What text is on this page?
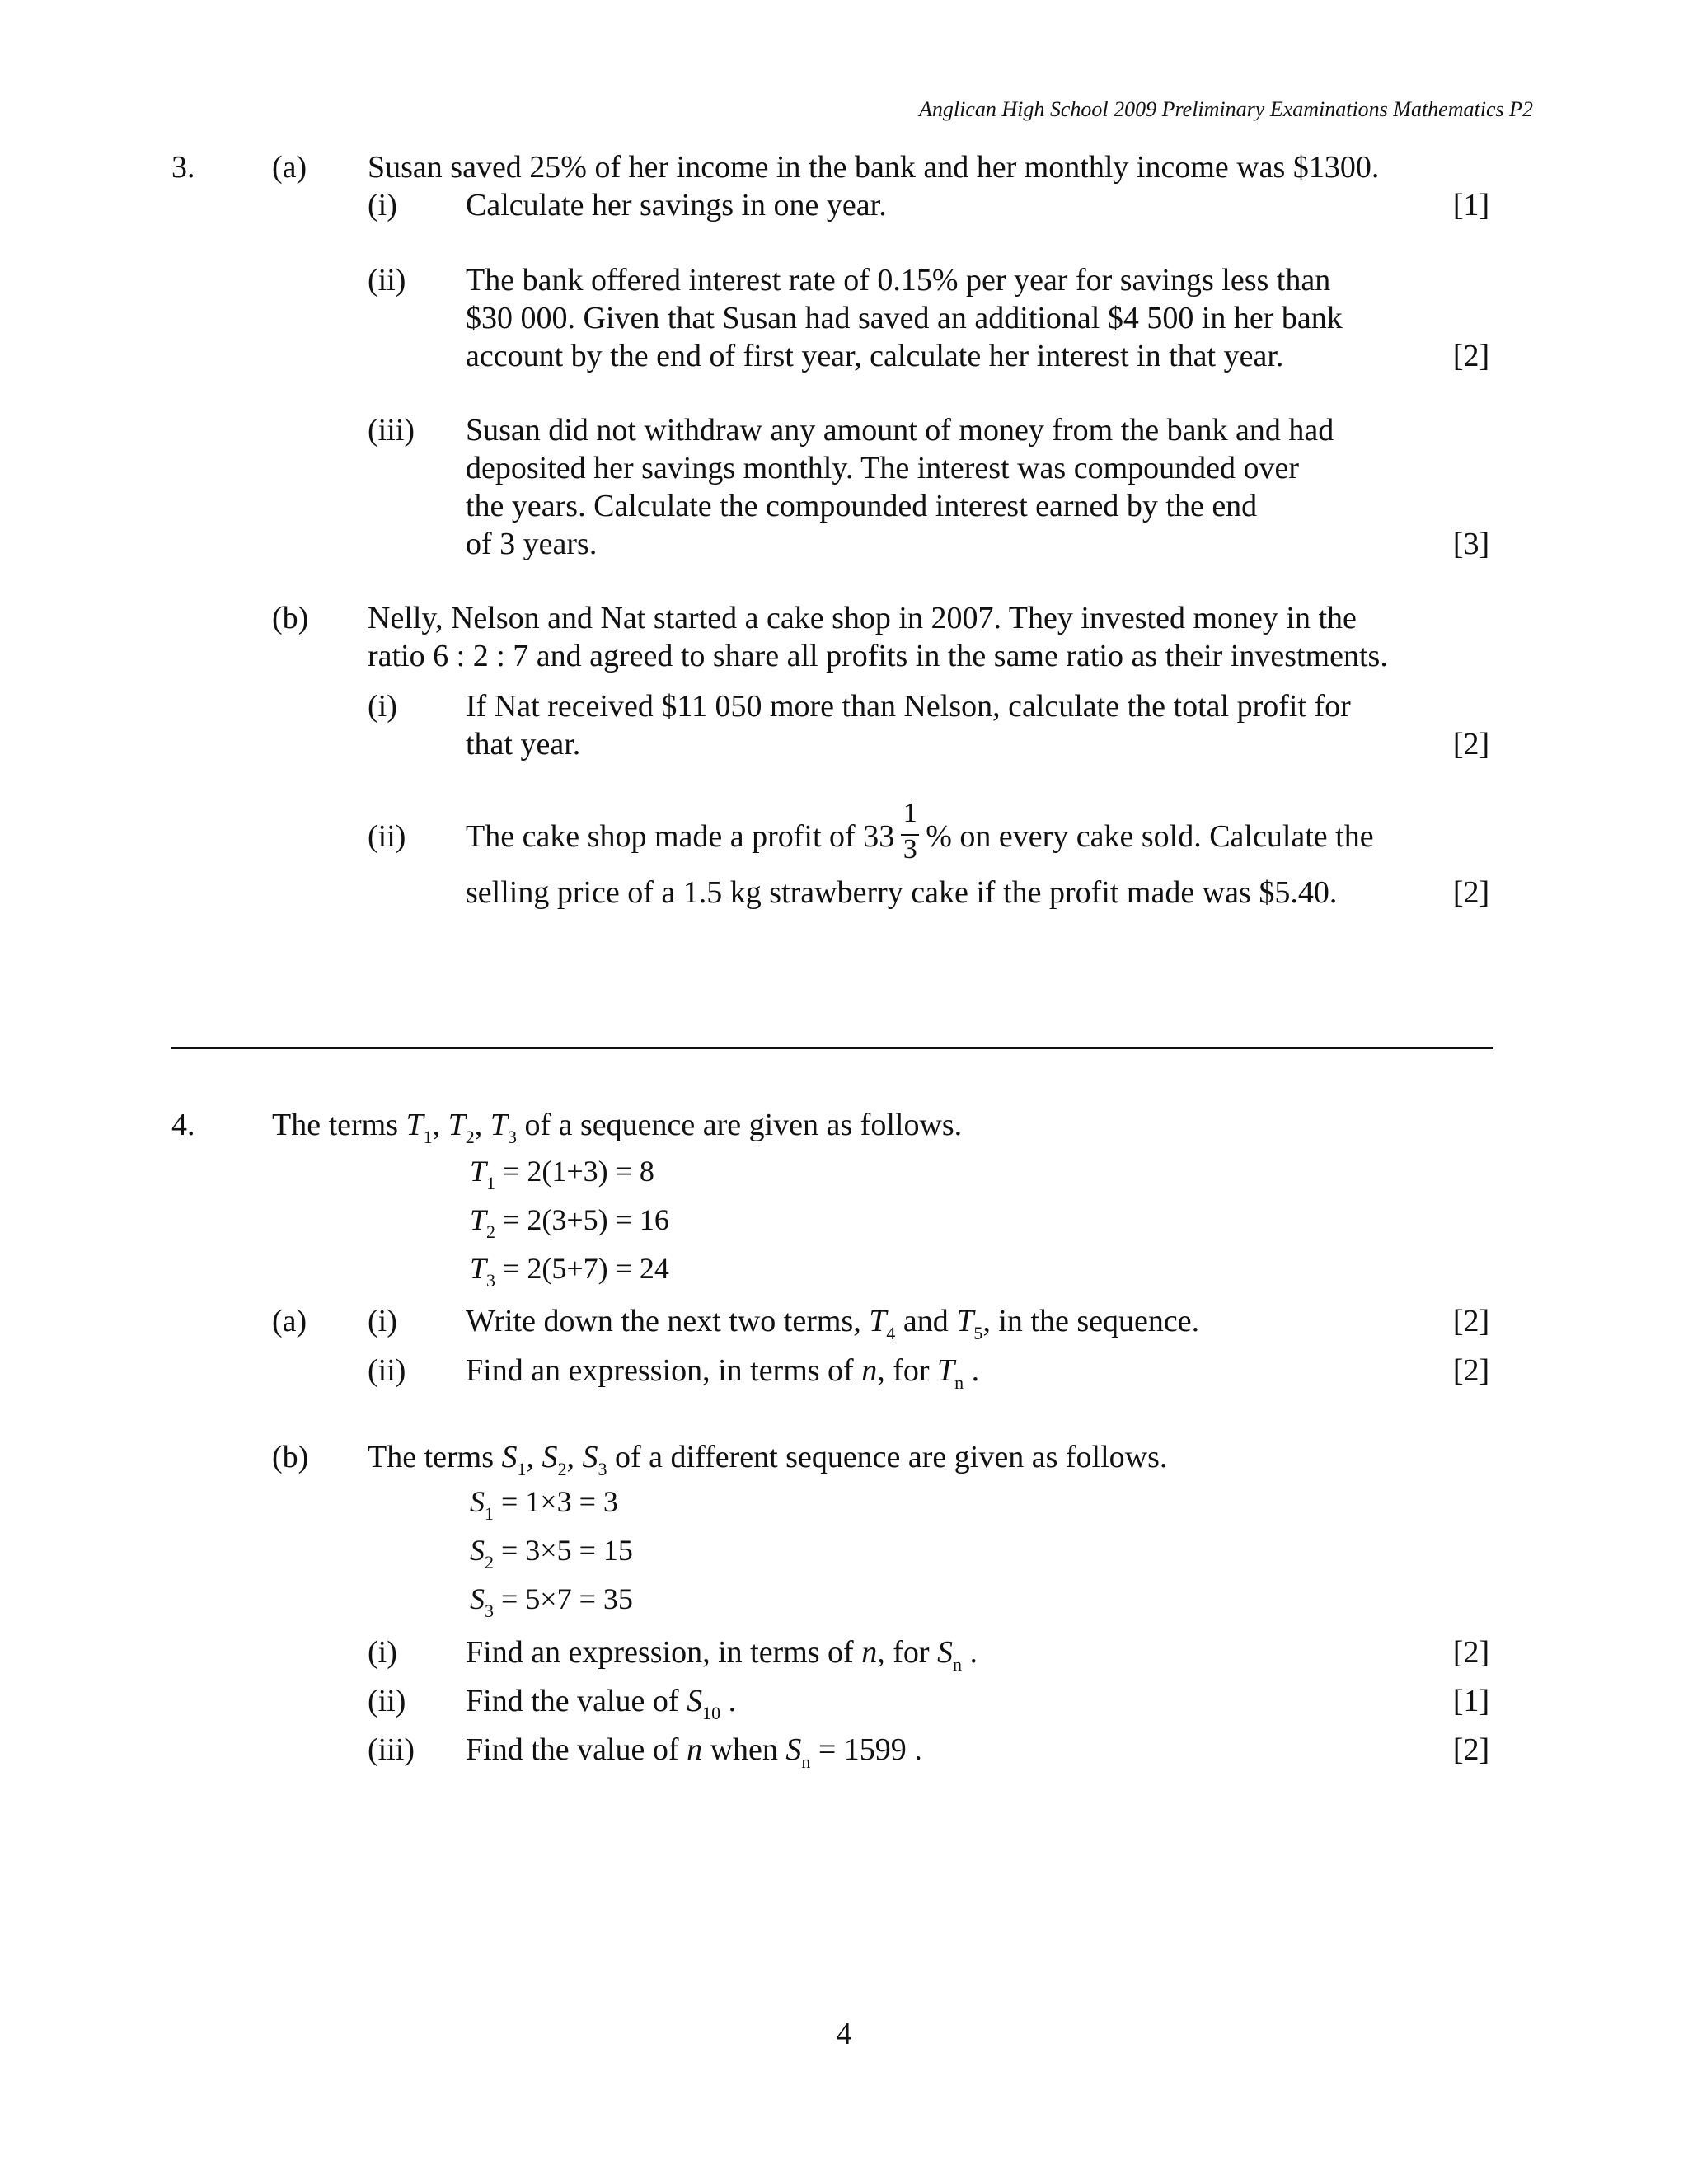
Anglican High School 2009 Preliminary Examinations Mathematics P2
3. (a) Susan saved 25% of her income in the bank and her monthly income was $1300.
(i) Calculate her savings in one year.	[1]
(ii) The bank offered interest rate of 0.15% per year for savings less than
$30 000. Given that Susan had saved an additional $4 500 in her bank
account by the end of first year, calculate her interest in that year.	[2]
(iii) Susan did not withdraw any amount of money from the bank and had
deposited her savings monthly. The interest was compounded over
the years. Calculate the compounded interest earned by the end
of 3 years.	[3]
(b) Nelly, Nelson and Nat started a cake shop in 2007. They invested money in the
ratio 6 : 2 : 7 and agreed to share all profits in the same ratio as their investments.
(i) If Nat received $11 050 more than Nelson, calculate the total profit for
that year.	[2]
(ii) The cake shop made a profit of $33 \frac{1}{3}$ % on every cake sold. Calculate the
selling price of a 1.5 kg strawberry cake if the profit made was $5.40.	[2]
4. The terms $T_1$, $T_2$, $T_3$ of a sequence are given as follows.
$T_1 = 2(1+3) = 8$
$T_2 = 2(3+5) = 16$
$T_3 = 2(5+7) = 24$
(a) (i) Write down the next two terms, $T_4$ and $T_5$, in the sequence.	[2]
(ii) Find an expression, in terms of n, for $T_n$ .	[2]
(b) The terms $S_1$, $S_2$, $S_3$ of a different sequence are given as follows.
$S_1 = 1\times 3 = 3$
$S_2 = 3\times 5 = 15$
$S_3 = 5\times 7 = 35$
(i) Find an expression, in terms of n, for $S_n$ .	[2]
(ii) Find the value of $S_{10}$ .	[1]
(iii) Find the value of n when $S_n = 1599$ .	[2]
4
